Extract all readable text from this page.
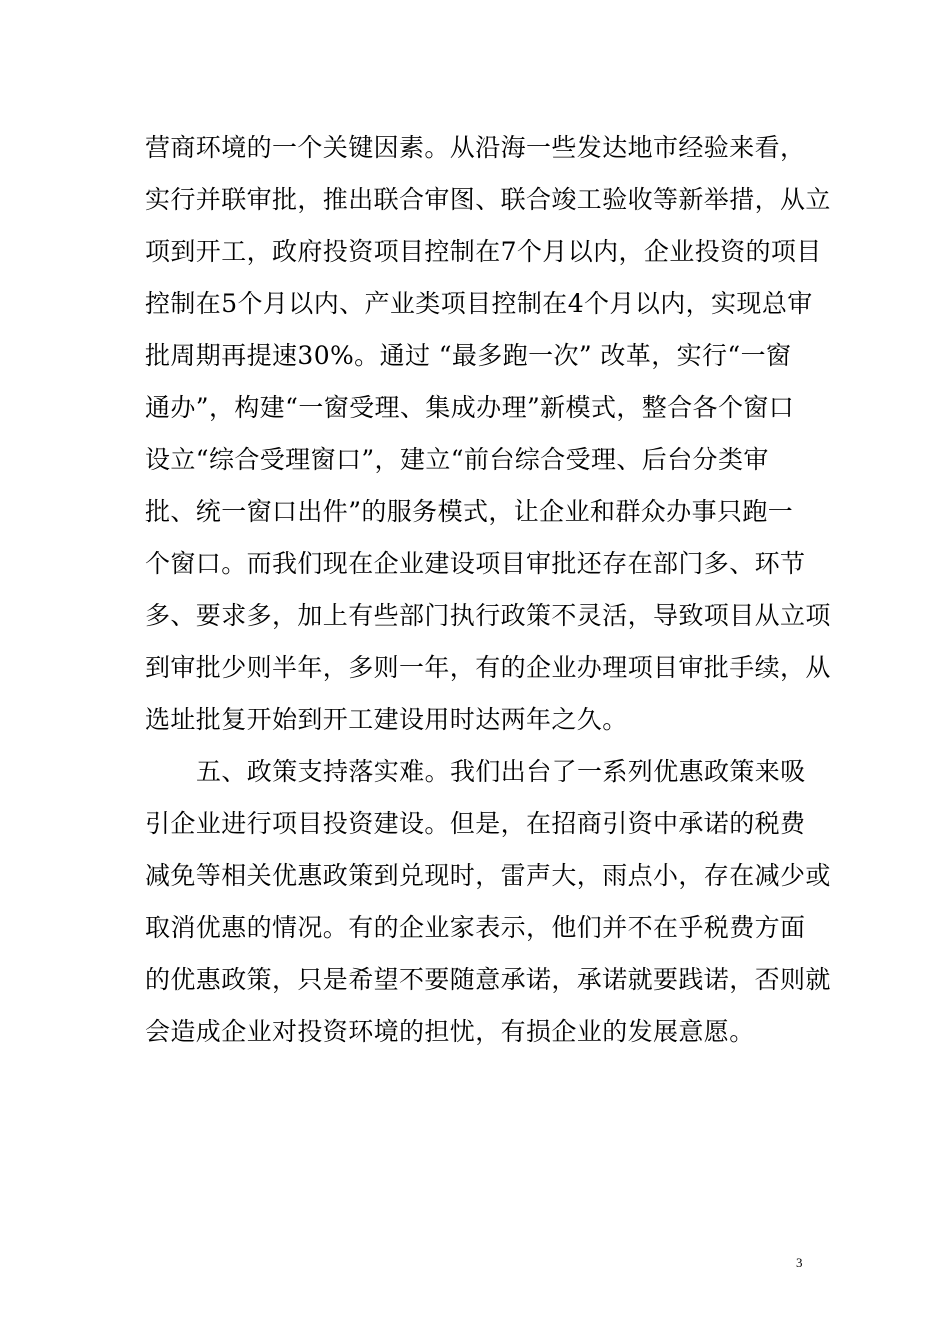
营商环境的一个关键因素。从沿海一些发达地市经验来看，
实行并联审批，推出联合审图、联合竣工验收等新举措，从立
项到开工，政府投资项目控制在7个月以内，企业投资的项目
控制在5个月以内、产业类项目控制在4个月以内，实现总审
批周期再提速30%。通过 “最多跑一次” 改革，实行“一窗
通办”，构建“一窗受理、集成办理”新模式，整合各个窗口
设立“综合受理窗口”，建立“前台综合受理、后台分类审
批、统一窗口出件”的服务模式，让企业和群众办事只跑一
个窗口。而我们现在企业建设项目审批还存在部门多、环节
多、要求多，加上有些部门执行政策不灵活，导致项目从立项
到审批少则半年，多则一年，有的企业办理项目审批手续，从
选址批复开始到开工建设用时达两年之久。
五、政策支持落实难。我们出台了一系列优惠政策来吸
引企业进行项目投资建设。但是，在招商引资中承诺的税费
减免等相关优惠政策到兑现时，雷声大，雨点小，存在减少或
取消优惠的情况。有的企业家表示，他们并不在乎税费方面
的优惠政策，只是希望不要随意承诺，承诺就要践诺，否则就
会造成企业对投资环境的担忧，有损企业的发展意愿。
3
